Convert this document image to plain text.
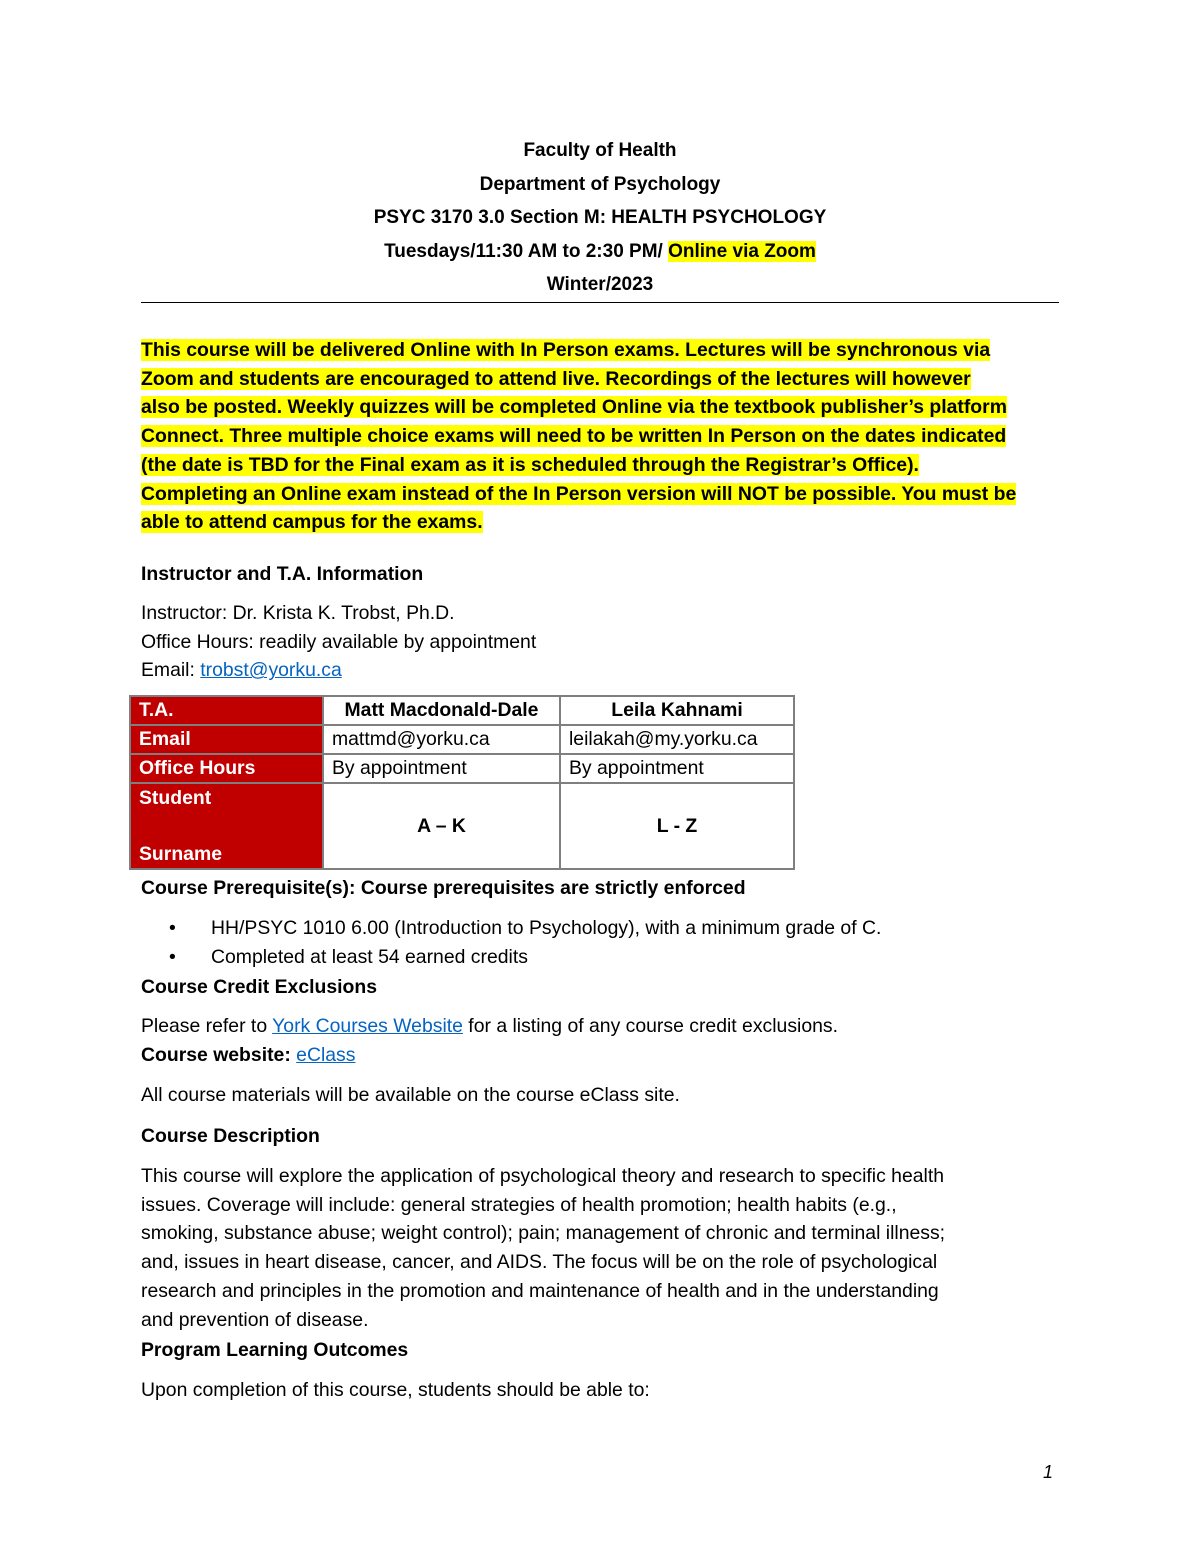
Faculty of Health
Department of Psychology
PSYC 3170 3.0 Section M: HEALTH PSYCHOLOGY
Tuesdays/11:30 AM to 2:30 PM/ Online via Zoom
Winter/2023
This course will be delivered Online with In Person exams. Lectures will be synchronous via
Zoom and students are encouraged to attend live. Recordings of the lectures will however
also be posted. Weekly quizzes will be completed Online via the textbook publisher’s platform
Connect. Three multiple choice exams will need to be written In Person on the dates indicated
(the date is TBD for the Final exam as it is scheduled through the Registrar’s Office).
Completing an Online exam instead of the In Person version will NOT be possible. You must be
able to attend campus for the exams.
Instructor and T.A. Information
Instructor: Dr. Krista K. Trobst, Ph.D.
Office Hours: readily available by appointment
Email: trobst@yorku.ca
T.A.	Matt Macdonald-Dale	Leila Kahnami
Email	mattmd@yorku.ca	leilakah@my.yorku.ca
Office Hours	By appointment	By appointment

Student

Surname	A – K	L - Z
Course Prerequisite(s): Course prerequisites are strictly enforced
• HH/PSYC 1010 6.00 (Introduction to Psychology), with a minimum grade of C.
• Completed at least 54 earned credits
Course Credit Exclusions
Please refer to York Courses Website for a listing of any course credit exclusions.
Course website: eClass
All course materials will be available on the course eClass site.
Course Description
This course will explore the application of psychological theory and research to specific health
issues. Coverage will include: general strategies of health promotion; health habits (e.g.,
smoking, substance abuse; weight control); pain; management of chronic and terminal illness;
and, issues in heart disease, cancer, and AIDS. The focus will be on the role of psychological
research and principles in the promotion and maintenance of health and in the understanding
and prevention of disease.
Program Learning Outcomes
Upon completion of this course, students should be able to:
1
